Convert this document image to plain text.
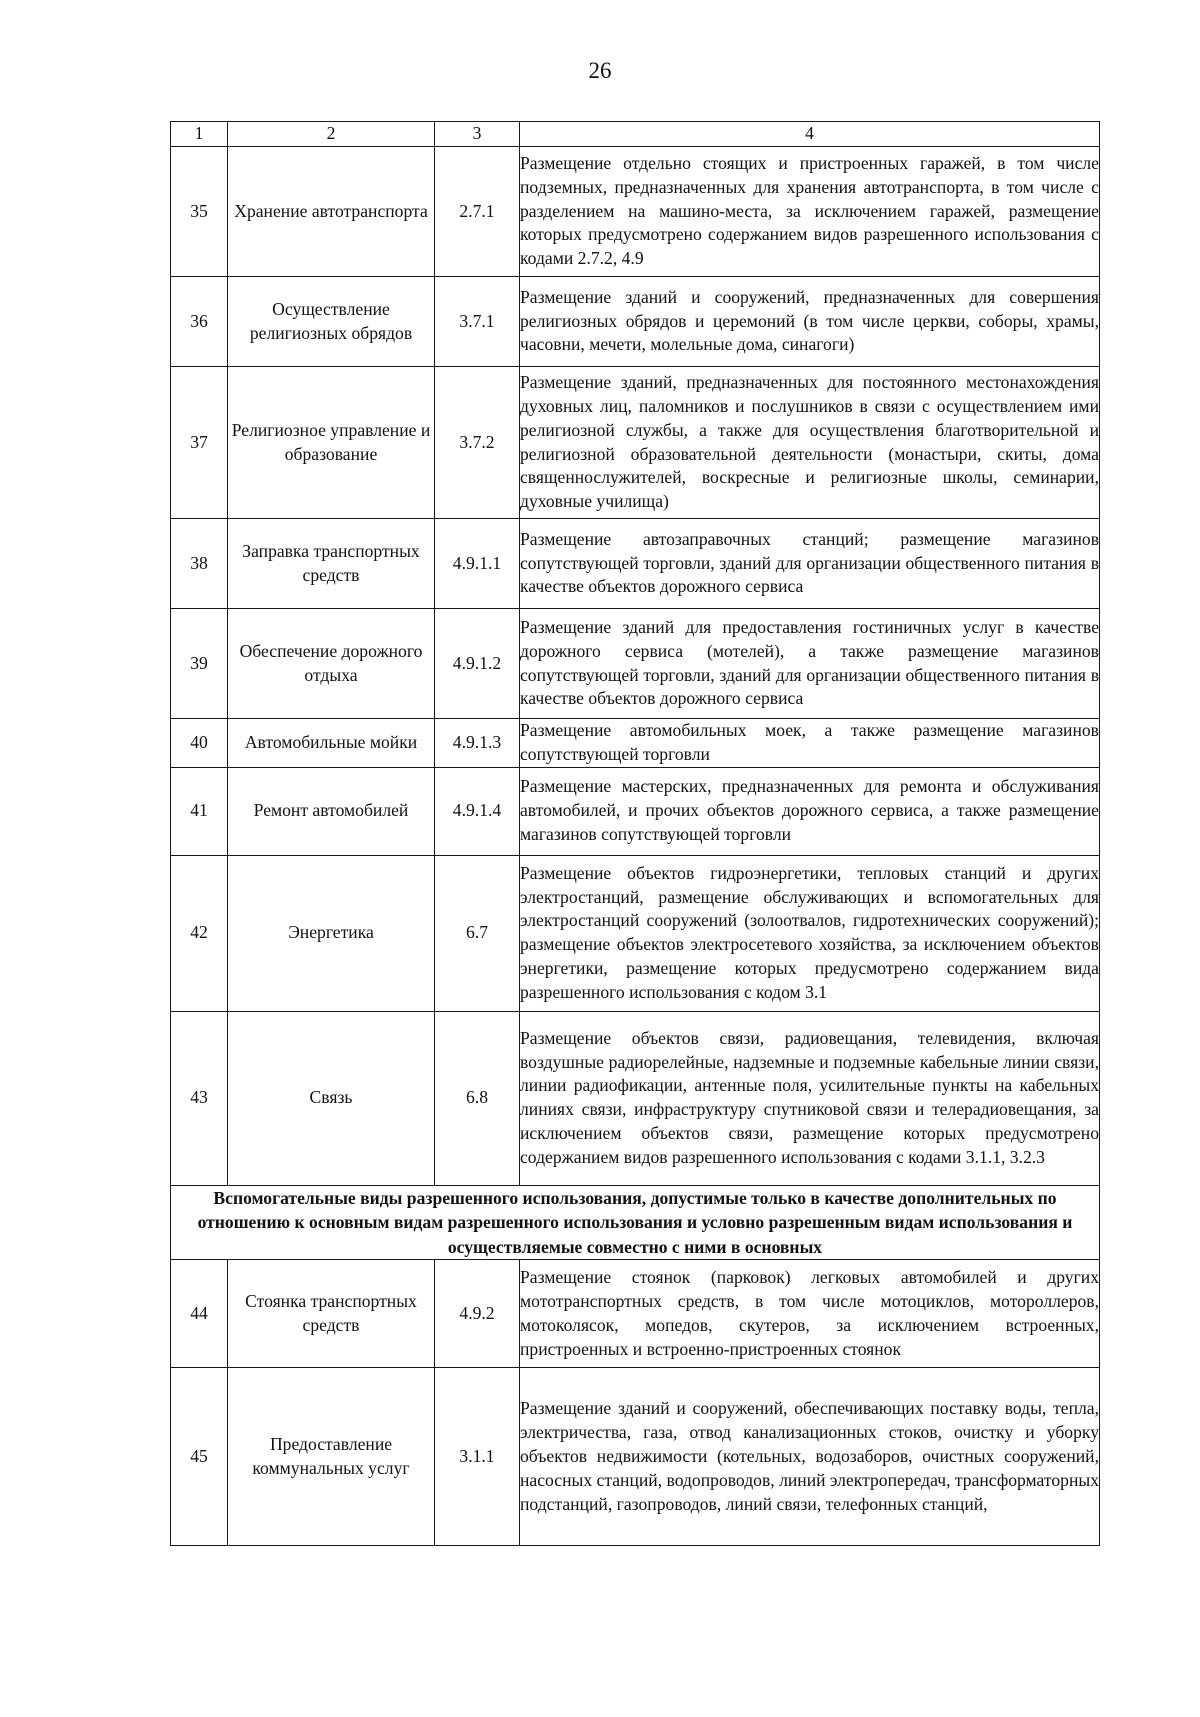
26
1	2	3	4
35	Хранение автотранспорта	2.7.1	Размещение отдельно стоящих и пристроенных гаражей, в том числе подземных, предназначенных для хранения автотранспорта, в том числе с разделением на машино-места, за исключением гаражей, размещение которых предусмотрено содержанием видов разрешенного использования с кодами 2.7.2, 4.9
36	Осуществление религиозных обрядов	3.7.1	Размещение зданий и сооружений, предназначенных для совершения религиозных обрядов и церемоний (в том числе церкви, соборы, храмы, часовни, мечети, молельные дома, синагоги)
37	Религиозное управление и образование	3.7.2	Размещение зданий, предназначенных для постоянного местонахождения духовных лиц, паломников и послушников в связи с осуществлением ими религиозной службы, а также для осуществления благотворительной и религиозной образовательной деятельности (монастыри, скиты, дома священнослужителей, воскресные и религиозные школы, семинарии, духовные училища)
38	Заправка транспортных средств	4.9.1.1	Размещение автозаправочных станций; размещение магазинов сопутствующей торговли, зданий для организации общественного питания в качестве объектов дорожного сервиса
39	Обеспечение дорожного отдыха	4.9.1.2	Размещение зданий для предоставления гостиничных услуг в качестве дорожного сервиса (мотелей), а также размещение магазинов сопутствующей торговли, зданий для организации общественного питания в качестве объектов дорожного сервиса
40	Автомобильные мойки	4.9.1.3	Размещение автомобильных моек, а также размещение магазинов сопутствующей торговли
41	Ремонт автомобилей	4.9.1.4	Размещение мастерских, предназначенных для ремонта и обслуживания автомобилей, и прочих объектов дорожного сервиса, а также размещение магазинов сопутствующей торговли
42	Энергетика	6.7	Размещение объектов гидроэнергетики, тепловых станций и других электростанций, размещение обслуживающих и вспомогательных для электростанций сооружений (золоотвалов, гидротехнических сооружений); размещение объектов электросетевого хозяйства, за исключением объектов энергетики, размещение которых предусмотрено содержанием вида разрешенного использования с кодом 3.1
43	Связь	6.8	Размещение объектов связи, радиовещания, телевидения, включая воздушные радиорелейные, надземные и подземные кабельные линии связи, линии радиофикации, антенные поля, усилительные пункты на кабельных линиях связи, инфраструктуру спутниковой связи и телерадиовещания, за исключением объектов связи, размещение которых предусмотрено содержанием видов разрешенного использования с кодами 3.1.1, 3.2.3
Вспомогательные виды разрешенного использования, допустимые только в качестве дополнительных по отношению к основным видам разрешенного использования и условно разрешенным видам использования и осуществляемые совместно с ними в основных			
44	Стоянка транспортных средств	4.9.2	Размещение стоянок (парковок) легковых автомобилей и других мототранспортных средств, в том числе мотоциклов, мотороллеров, мотоколясок, мопедов, скутеров, за исключением встроенных, пристроенных и встроенно-пристроенных стоянок
45	Предоставление коммунальных услуг	3.1.1	Размещение зданий и сооружений, обеспечивающих поставку воды, тепла, электричества, газа, отвод канализационных стоков, очистку и уборку объектов недвижимости (котельных, водозаборов, очистных сооружений, насосных станций, водопроводов, линий электропередач, трансформаторных подстанций, газопроводов, линий связи, телефонных станций,
